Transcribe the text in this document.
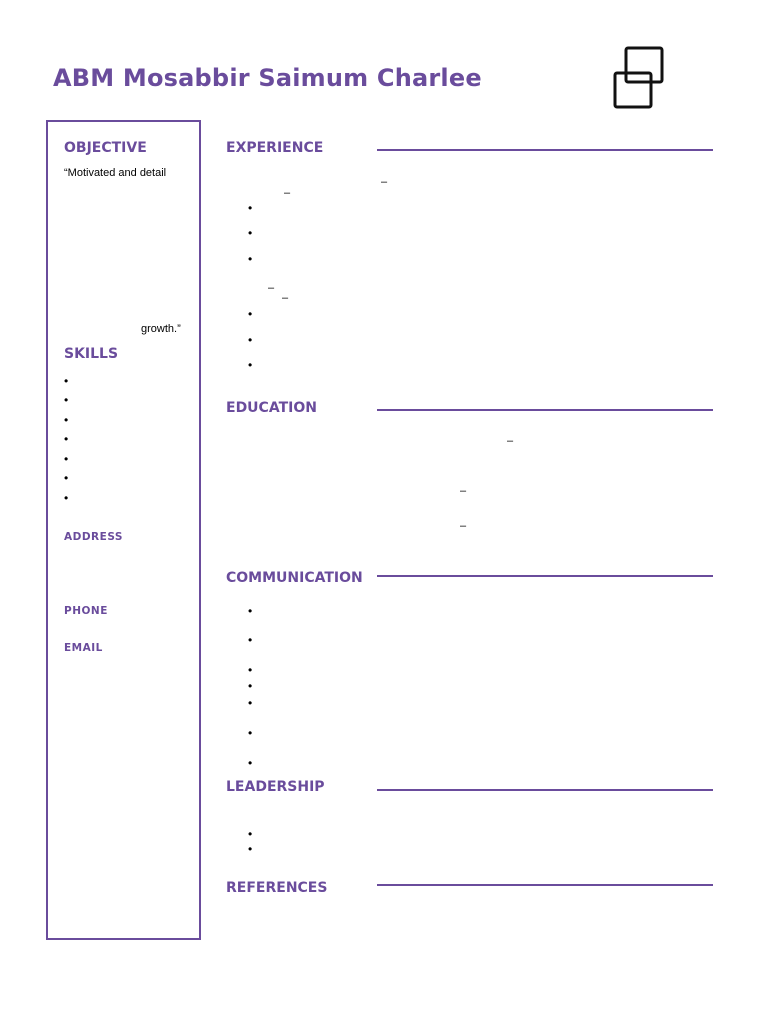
ABM Mosabbir Saimum Charlee
OBJECTIVE
“Motivated and detail
growth.”
SKILLS
•
•
•
•
•
•
•
ADDRESS
PHONE
EMAIL
EXPERIENCE
–
–
•
•
•
–
–
•
•
•
EDUCATION
–
–
–
COMMUNICATION
•
•
•
•
•
•
•
LEADERSHIP
•
•
REFERENCES
